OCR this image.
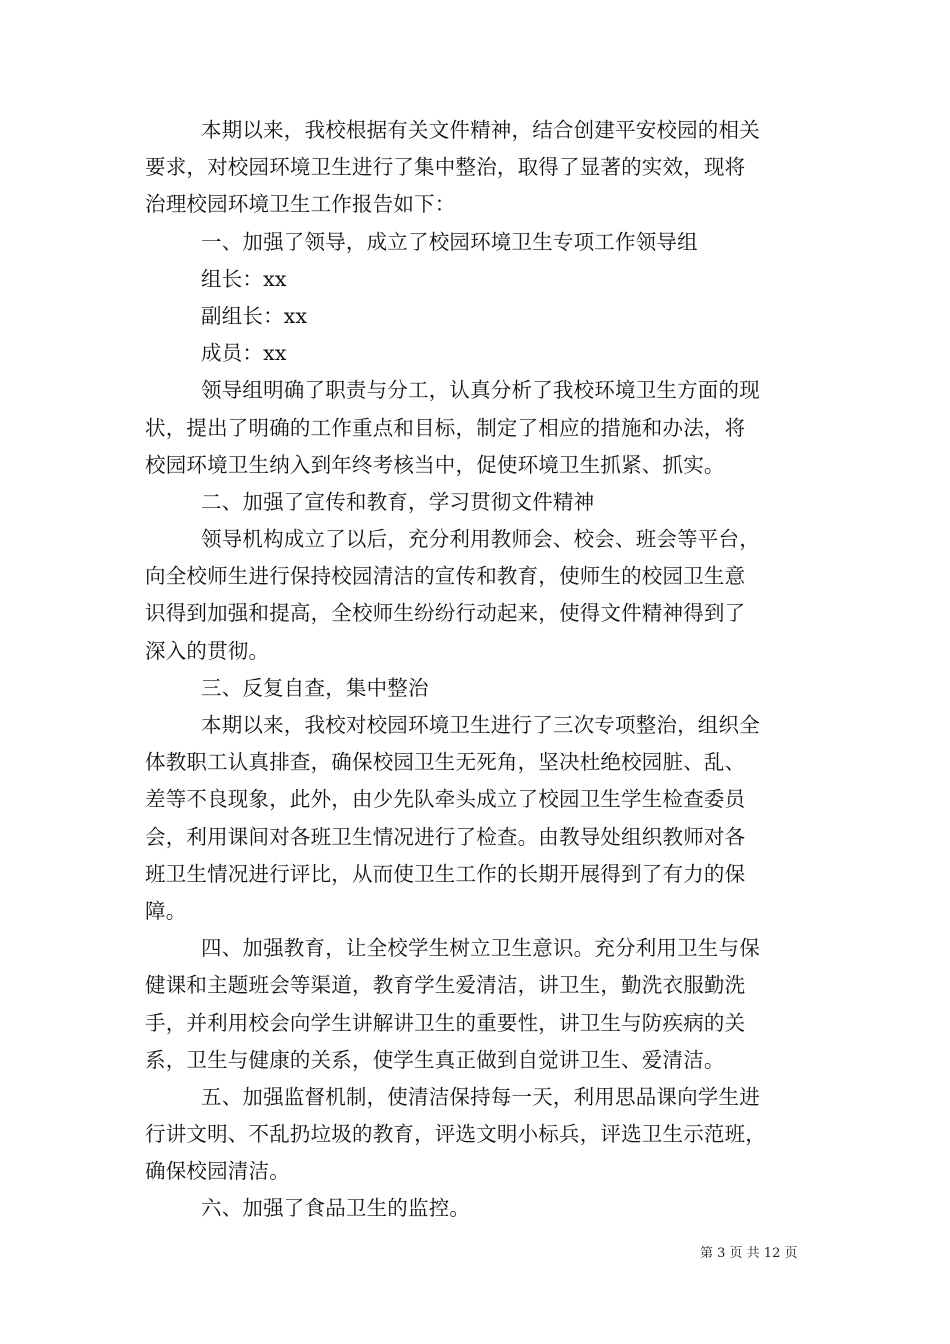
本期以来，我校根据有关文件精神，结合创建平安校园的相关
要求，对校园环境卫生进行了集中整治，取得了显著的实效，现将
治理校园环境卫生工作报告如下：
一、加强了领导，成立了校园环境卫生专项工作领导组
组长：xx
副组长：xx
成员：xx
领导组明确了职责与分工，认真分析了我校环境卫生方面的现
状，提出了明确的工作重点和目标，制定了相应的措施和办法，将
校园环境卫生纳入到年终考核当中，促使环境卫生抓紧、抓实。
二、加强了宣传和教育，学习贯彻文件精神
领导机构成立了以后，充分利用教师会、校会、班会等平台，
向全校师生进行保持校园清洁的宣传和教育，使师生的校园卫生意
识得到加强和提高，全校师生纷纷行动起来，使得文件精神得到了
深入的贯彻。
三、反复自查，集中整治
本期以来，我校对校园环境卫生进行了三次专项整治，组织全
体教职工认真排查，确保校园卫生无死角，坚决杜绝校园脏、乱、
差等不良现象，此外，由少先队牵头成立了校园卫生学生检查委员
会，利用课间对各班卫生情况进行了检查。由教导处组织教师对各
班卫生情况进行评比，从而使卫生工作的长期开展得到了有力的保
障。
四、加强教育，让全校学生树立卫生意识。充分利用卫生与保
健课和主题班会等渠道，教育学生爱清洁，讲卫生，勤洗衣服勤洗
手，并利用校会向学生讲解讲卫生的重要性，讲卫生与防疾病的关
系，卫生与健康的关系，使学生真正做到自觉讲卫生、爱清洁。
五、加强监督机制，使清洁保持每一天，利用思品课向学生进
行讲文明、不乱扔垃圾的教育，评选文明小标兵，评选卫生示范班，
确保校园清洁。
六、加强了食品卫生的监控。
第 3 页 共 12 页
